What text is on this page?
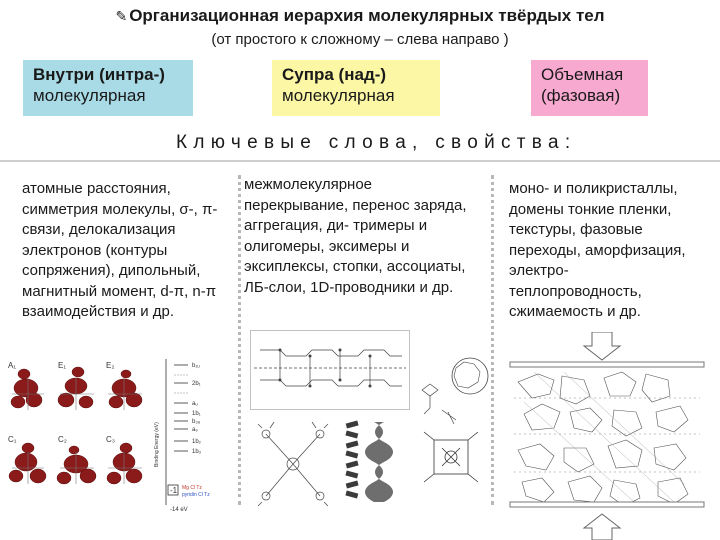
✎ Организационная иерархия молекулярных твёрдых тел
(от простого к сложному – слева направо )
Внутри (интра-)
молекулярная
Супра (над-)
молекулярная
Объемная
(фазовая)
Ключевые слова, свойства:
атомные расстояния,
симметрия молекулы, σ-, π-
связи, делокализация
электронов (контуры
сопряжения), дипольный,
магнитный момент, d-π, n-π
взаимодействия и др.
межмолекулярное
перекрывание, перенос заряда,
аггрегация, ди- тримеры и
олигомеры, эксимеры и
эксиплексы, стопки, ассоциаты,
ЛБ-слои, 1D-проводники и др.
моно- и поликристаллы,
домены тонкие пленки,
текстуры, фазовые
переходы, аморфизация,
электро-
теплопроводность,
сжимаемость и др.
A₁	E₁	E₂
C₁	C₂	C₃	Binding Energy (eV)
b₁ᵤ
2b₁
aᵤ
1b₁
b₃ᵤ
a₉
1b₂
1b₃
-1 Mg Cl Tz
pyridin Cl Tz
-14 eV
